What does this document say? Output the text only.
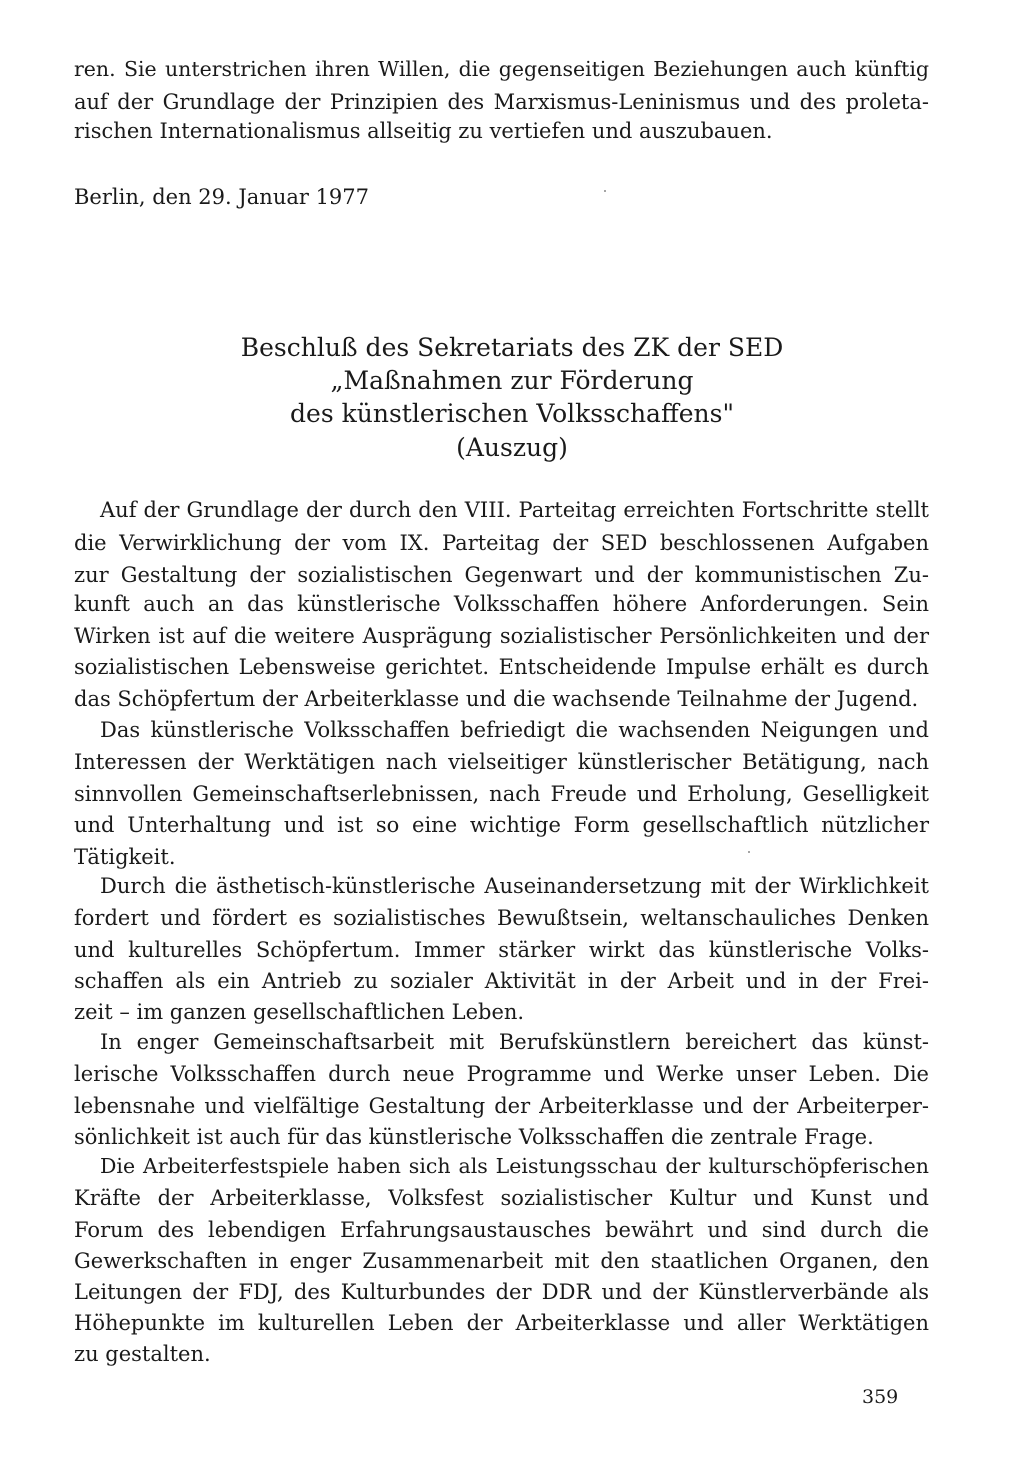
ren. Sie unterstrichen ihren Willen, die gegenseitigen Beziehungen auch künftig

auf der Grundlage der Prinzipien des Marxismus-Leninismus und des proleta-

rischen Internationalismus allseitig zu vertiefen und auszubauen.

Berlin, den 29. Januar 1977

Beschluß des Sekretariats des ZK der SED

„Maßnahmen zur Förderung

des künstlerischen Volksschaffens"

(Auszug)

Auf der Grundlage der durch den VIII. Parteitag erreichten Fortschritte stellt

die Verwirklichung der vom IX. Parteitag der SED beschlossenen Aufgaben

zur Gestaltung der sozialistischen Gegenwart und der kommunistischen Zu-

kunft auch an das künstlerische Volksschaffen höhere Anforderungen. Sein

Wirken ist auf die weitere Ausprägung sozialistischer Persönlichkeiten und der

sozialistischen Lebensweise gerichtet. Entscheidende Impulse erhält es durch

das Schöpfertum der Arbeiterklasse und die wachsende Teilnahme der Jugend.

Das künstlerische Volksschaffen befriedigt die wachsenden Neigungen und

Interessen der Werktätigen nach vielseitiger künstlerischer Betätigung, nach

sinnvollen Gemeinschaftserlebnissen, nach Freude und Erholung, Geselligkeit

und Unterhaltung und ist so eine wichtige Form gesellschaftlich nützlicher

Tätigkeit.

Durch die ästhetisch-künstlerische Auseinandersetzung mit der Wirklichkeit

fordert und fördert es sozialistisches Bewußtsein, weltanschauliches Denken

und kulturelles Schöpfertum. Immer stärker wirkt das künstlerische Volks-

schaffen als ein Antrieb zu sozialer Aktivität in der Arbeit und in der Frei-

zeit – im ganzen gesellschaftlichen Leben.

In enger Gemeinschaftsarbeit mit Berufskünstlern bereichert das künst-

lerische Volksschaffen durch neue Programme und Werke unser Leben. Die

lebensnahe und vielfältige Gestaltung der Arbeiterklasse und der Arbeiterper-

sönlichkeit ist auch für das künstlerische Volksschaffen die zentrale Frage.

Die Arbeiterfestspiele haben sich als Leistungsschau der kulturschöpferischen

Kräfte der Arbeiterklasse, Volksfest sozialistischer Kultur und Kunst und

Forum des lebendigen Erfahrungsaustausches bewährt und sind durch die

Gewerkschaften in enger Zusammenarbeit mit den staatlichen Organen, den

Leitungen der FDJ, des Kulturbundes der DDR und der Künstlerverbände als

Höhepunkte im kulturellen Leben der Arbeiterklasse und aller Werktätigen

zu gestalten.

359
